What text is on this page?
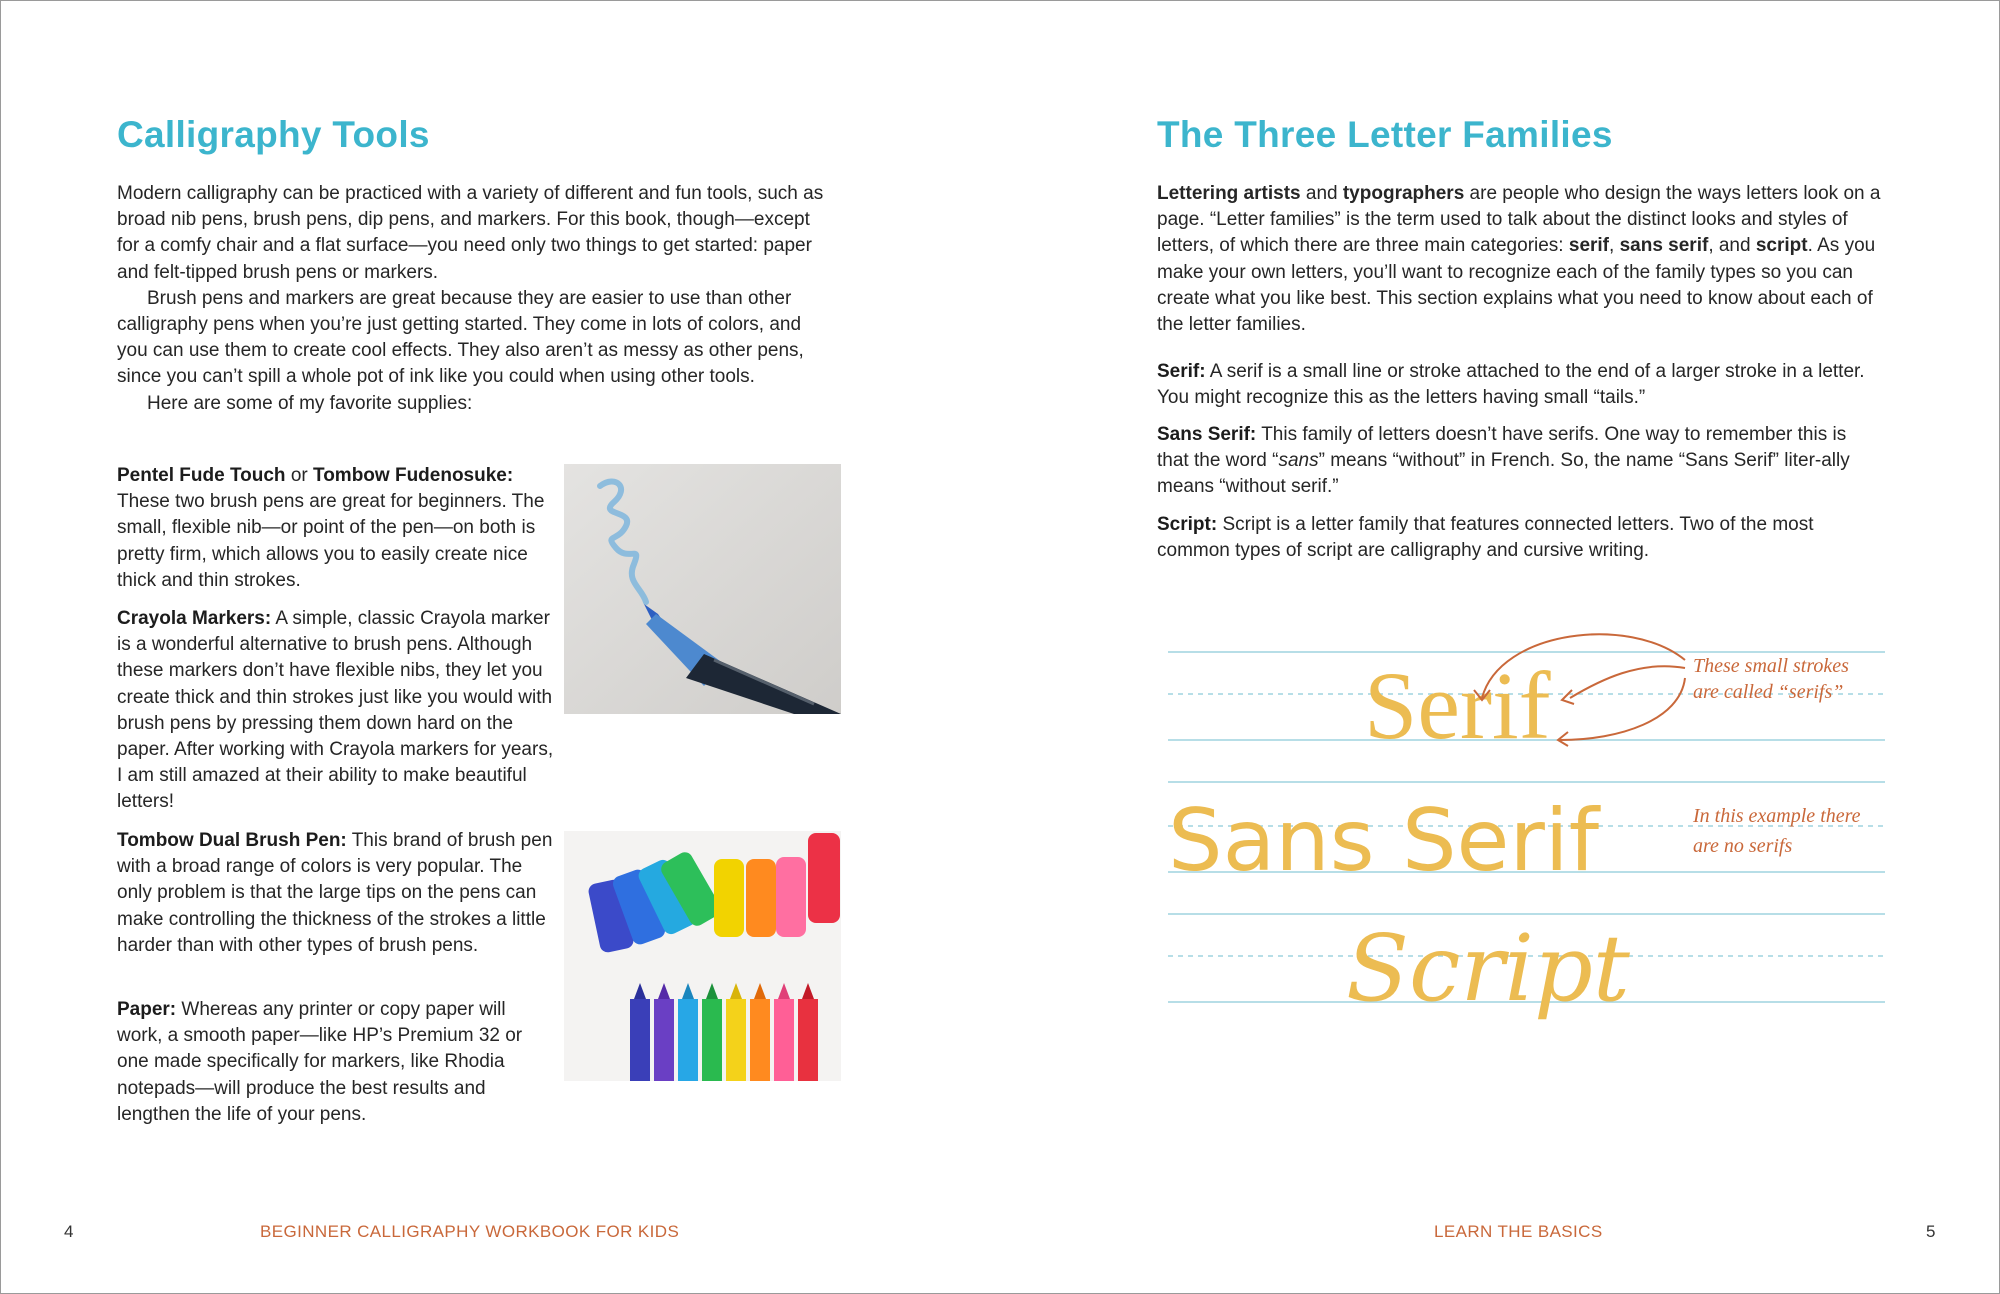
Calligraphy Tools

Modern calligraphy can be practiced with a variety of different and fun tools, such as broad nib pens, brush pens, dip pens, and markers. For this book, though—except for a comfy chair and a flat surface—you need only two things to get started: paper and felt-tipped brush pens or markers.

Brush pens and markers are great because they are easier to use than other calligraphy pens when you’re just getting started. They come in lots of colors, and you can use them to create cool effects. They also aren’t as messy as other pens, since you can’t spill a whole pot of ink like you could when using other tools.

Here are some of my favorite supplies:

Pentel Fude Touch or Tombow Fudenosuke: These two brush pens are great for beginners. The small, flexible nib—or point of the pen—on both is pretty firm, which allows you to easily create nice thick and thin strokes.
Crayola Markers: A simple, classic Crayola marker is a wonderful alternative to brush pens. Although these markers don’t have flexible nibs, they let you create thick and thin strokes just like you would with brush pens by pressing them down hard on the paper. After working with Crayola markers for years, I am still amazed at their ability to make beautiful letters!
Tombow Dual Brush Pen: This brand of brush pen with a broad range of colors is very popular. The only problem is that the large tips on the pens can make controlling the thickness of the strokes a little harder than with other types of brush pens.
Paper: Whereas any printer or copy paper will work, a smooth paper—like HP’s Premium 32 or one made specifically for markers, like Rhodia notepads—will produce the best results and lengthen the life of your pens.
4	BEGINNER CALLIGRAPHY WORKBOOK FOR KIDS
The Three Letter Families
Lettering artists and typographers are people who design the ways letters look on a page. “Letter families” is the term used to talk about the distinct looks and styles of letters, of which there are three main categories: serif, sans serif, and script. As you make your own letters, you’ll want to recognize each of the family types so you can create what you like best. This section explains what you need to know about each of the letter families.
Serif: A serif is a small line or stroke attached to the end of a larger stroke in a letter. You might recognize this as the letters having small “tails.”
Sans Serif: This family of letters doesn’t have serifs. One way to remember this is that the word “sans” means “without” in French. So, the name “Sans Serif” liter-ally means “without serif.”
Script: Script is a letter family that features connected letters. Two of the most common types of script are calligraphy and cursive writing.
Serif
Sans Serif
Script
These small strokes
are called “serifs”
In this example there
are no serifs
LEARN THE BASICS	5
